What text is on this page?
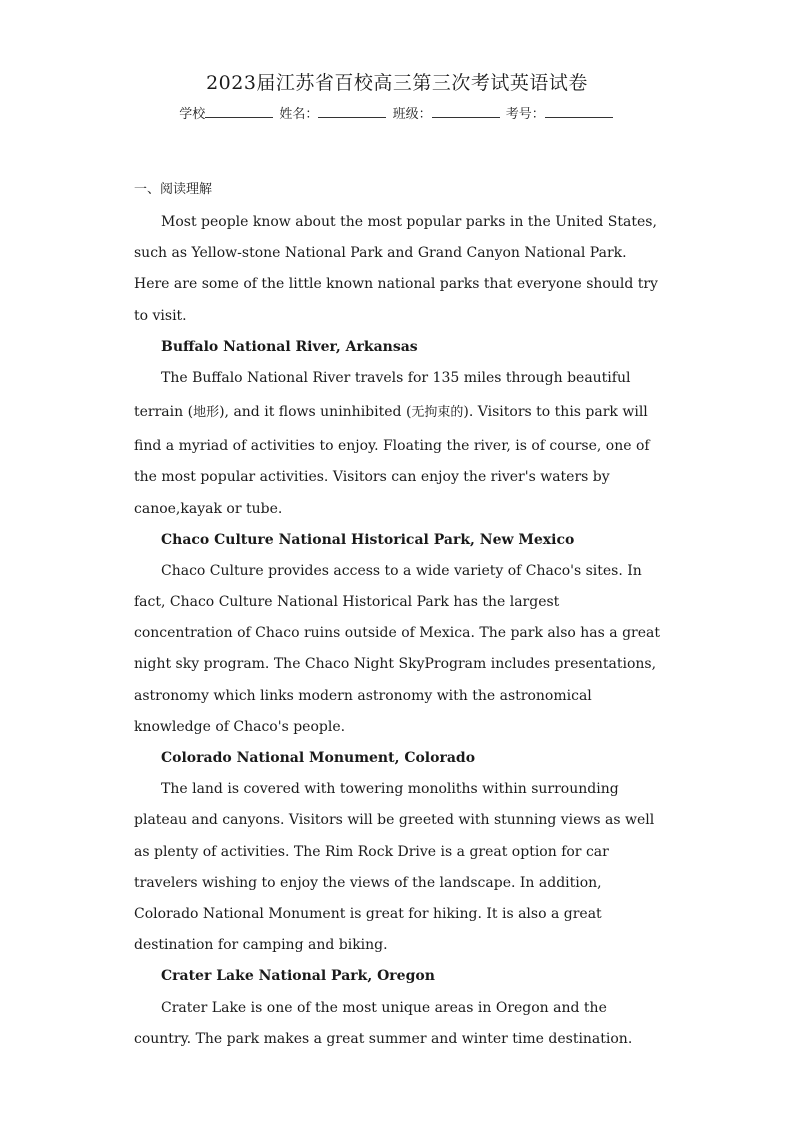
2023届江苏省百校高三第三次考试英语试卷
学校	姓名：	班级：	考号：
一、阅读理解
Most people know about the most popular parks in the United States,
such as Yellow-stone National Park and Grand Canyon National Park.
Here are some of the little known national parks that everyone should try
to visit.
Buffalo National River, Arkansas
The Buffalo National River travels for 135 miles through beautiful
terrain (地形), and it flows uninhibited (无拘束的). Visitors to this park will
find a myriad of activities to enjoy. Floating the river, is of course, one of
the most popular activities. Visitors can enjoy the river's waters by
canoe,kayak or tube.
Chaco Culture National Historical Park, New Mexico
Chaco Culture provides access to a wide variety of Chaco's sites. In
fact, Chaco Culture National Historical Park has the largest
concentration of Chaco ruins outside of Mexica. The park also has a great
night sky program. The Chaco Night SkyProgram includes presentations,
astronomy which links modern astronomy with the astronomical
knowledge of Chaco's people.
Colorado National Monument, Colorado
The land is covered with towering monoliths within surrounding
plateau and canyons. Visitors will be greeted with stunning views as well
as plenty of activities. The Rim Rock Drive is a great option for car
travelers wishing to enjoy the views of the landscape. In addition,
Colorado National Monument is great for hiking. It is also a great
destination for camping and biking.
Crater Lake National Park, Oregon
Crater Lake is one of the most unique areas in Oregon and the
country. The park makes a great summer and winter time destination.
